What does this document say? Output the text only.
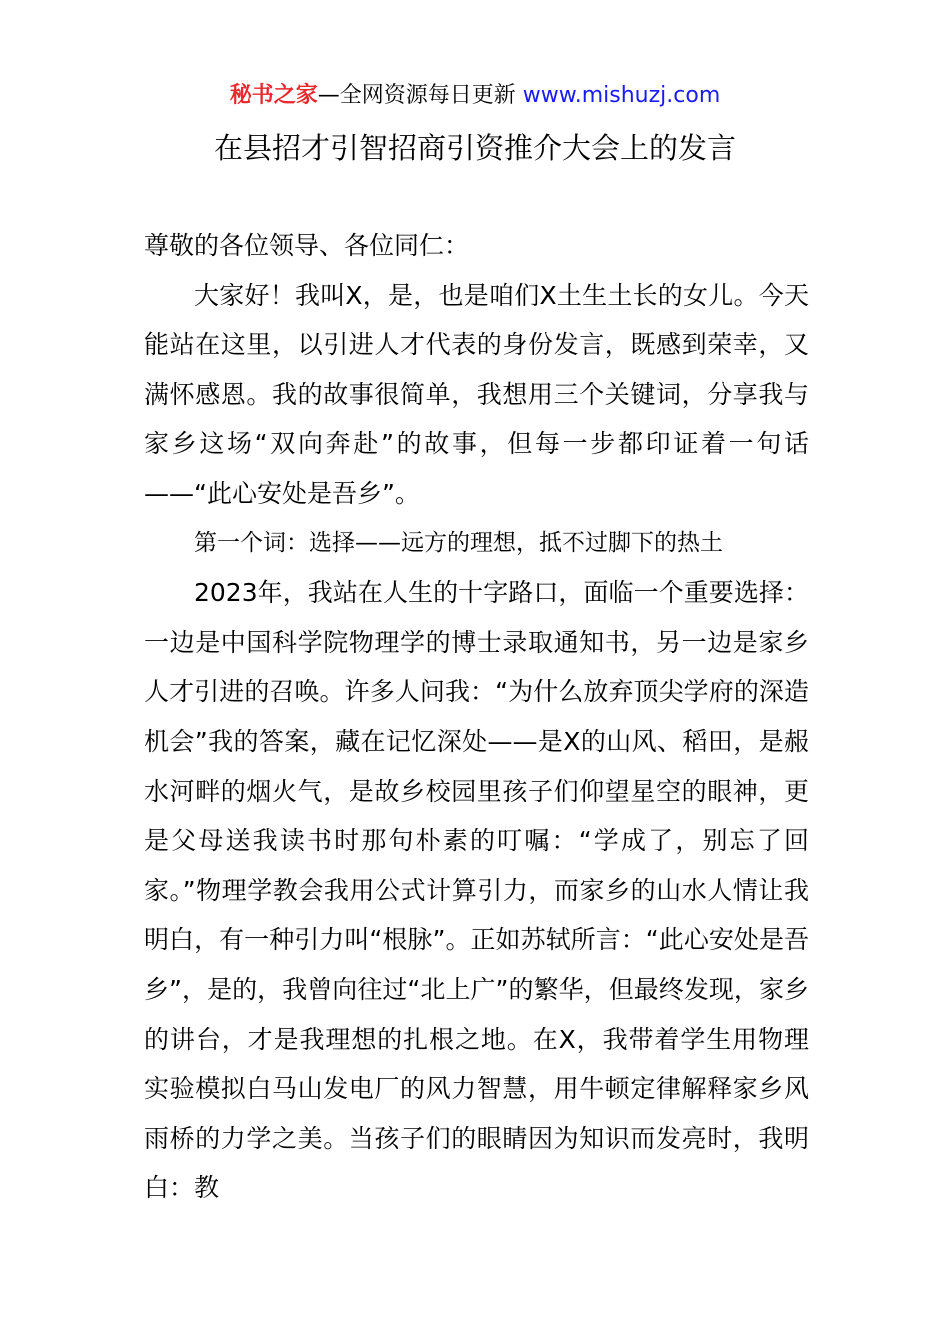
秘书之家—全网资源每日更新 www.mishuzj.com
在县招才引智招商引资推介大会上的发言

尊敬的各位领导、各位同仁：

大家好！我叫X，是，也是咱们X土生土长的女儿。今天能站在这里，以引进人才代表的身份发言，既感到荣幸，又满怀感恩。我的故事很简单，我想用三个关键词，分享我与家乡这场“双向奔赴”的故事，但每一步都印证着一句话——“此心安处是吾乡”。

第一个词：选择——远方的理想，抵不过脚下的热土

2023年，我站在人生的十字路口，面临一个重要选择：一边是中国科学院物理学的博士录取通知书，另一边是家乡人才引进的召唤。许多人问我：“为什么放弃顶尖学府的深造机会”我的答案，藏在记忆深处——是X的山风、稻田，是赧水河畔的烟火气，是故乡校园里孩子们仰望星空的眼神，更是父母送我读书时那句朴素的叮嘱：“学成了，别忘了回家。”物理学教会我用公式计算引力，而家乡的山水人情让我明白，有一种引力叫“根脉”。正如苏轼所言：“此心安处是吾乡”，是的，我曾向往过“北上广”的繁华，但最终发现，家乡的讲台，才是我理想的扎根之地。在X，我带着学生用物理实验模拟白马山发电厂的风力智慧，用牛顿定律解释家乡风雨桥的力学之美。当孩子们的眼睛因为知识而发亮时，我明白：教
